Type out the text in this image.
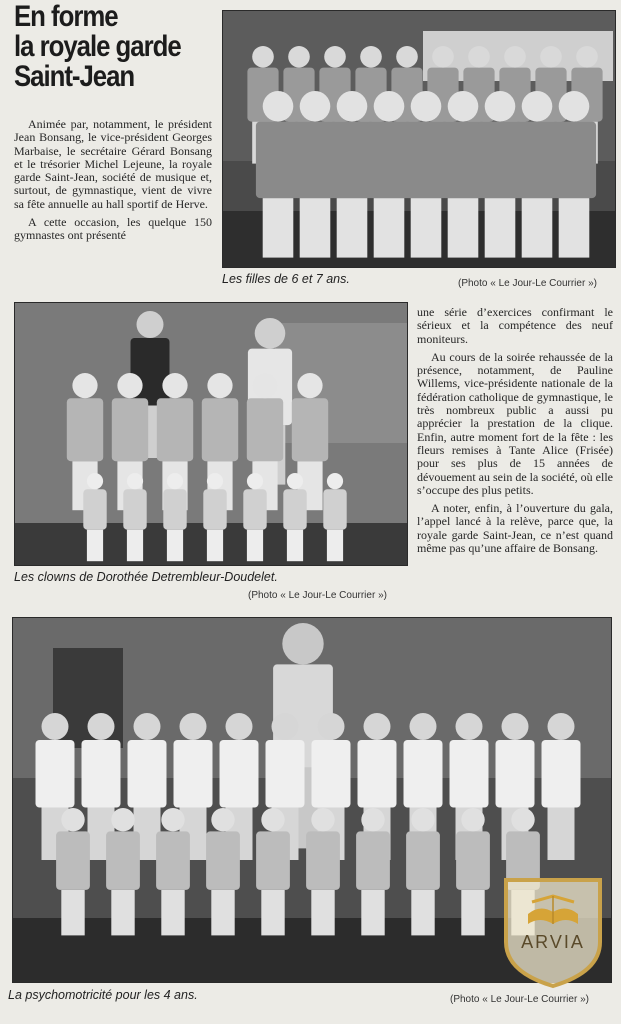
En forme
la royale garde
Saint-Jean

Animée par, notamment, le président Jean Bonsang, le vice-président Georges Marbaise, le secrétaire Gérard Bonsang et le trésorier Michel Lejeune, la royale garde Saint-Jean, société de musique et, surtout, de gymnastique, vient de vivre sa fête annuelle au hall sportif de Herve.

A cette occasion, les quelque 150 gymnastes ont présenté

Les filles de 6 et 7 ans.	(Photo « Le Jour-Le Courrier »)
Les clowns de Dorothée Detrembleur-Doudelet.
(Photo « Le Jour-Le Courrier »)

une série d’exercices confirmant le sérieux et la compétence des neuf moniteurs.

Au cours de la soirée rehaussée de la présence, notamment, de Pauline Willems, vice-présidente nationale de la fédération catholique de gymnastique, le très nombreux public a aussi pu apprécier la prestation de la clique. Enfin, autre moment fort de la fête : les fleurs remises à Tante Alice (Frisée) pour ses plus de 15 années de dévouement au sein de la société, où elle s’occupe des plus petits.

A noter, enfin, à l’ouverture du gala, l’appel lancé à la relève, parce que, la royale garde Saint-Jean, ce n’est quand même pas qu’une affaire de Bonsang.

La psychomotricité pour les 4 ans.	(Photo « Le Jour-Le Courrier »)
ARVIA
